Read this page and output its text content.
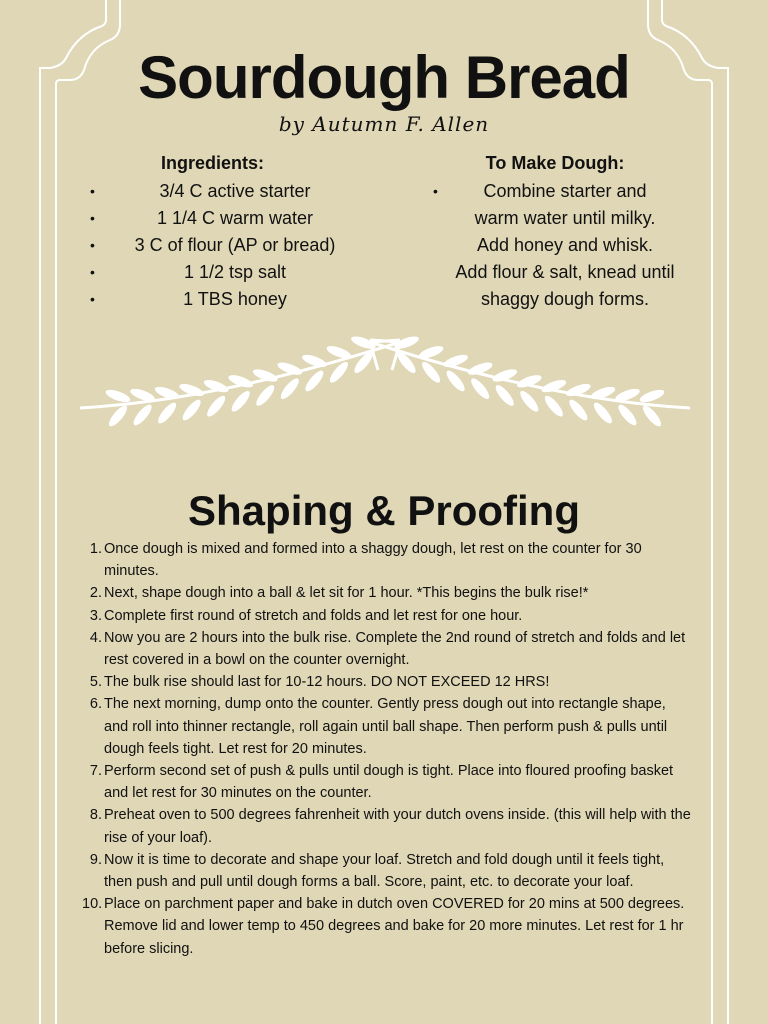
Sourdough Bread
by Autumn F. Allen
Ingredients:
• 3/4 C active starter
• 1 1/4 C warm water
• 3 C of flour (AP or bread)
• 1 1/2 tsp salt
• 1 TBS honey
To Make Dough:
• Combine starter and
warm water until milky.
Add honey and whisk.
Add flour & salt, knead until
shaggy dough forms.
Shaping & Proofing
1. Once dough is mixed and formed into a shaggy dough, let rest on the counter for 30 minutes.
2. Next, shape dough into a ball & let sit for 1 hour. *This begins the bulk rise!*
3. Complete first round of stretch and folds and let rest for one hour.
4. Now you are 2 hours into the bulk rise. Complete the 2nd round of stretch and folds and let rest covered in a bowl on the counter overnight.
5. The bulk rise should last for 10-12 hours. DO NOT EXCEED 12 HRS!
6. The next morning, dump onto the counter. Gently press dough out into rectangle shape, and roll into thinner rectangle, roll again until ball shape. Then perform push & pulls until dough feels tight. Let rest for 20 minutes.
7. Perform second set of push & pulls until dough is tight. Place into floured proofing basket and let rest for 30 minutes on the counter.
8. Preheat oven to 500 degrees fahrenheit with your dutch ovens inside. (this will help with the rise of your loaf).
9. Now it is time to decorate and shape your loaf. Stretch and fold dough until it feels tight, then push and pull until dough forms a ball. Score, paint, etc. to decorate your loaf.
10. Place on parchment paper and bake in dutch oven COVERED for 20 mins at 500 degrees. Remove lid and lower temp to 450 degrees and bake for 20 more minutes. Let rest for 1 hr before slicing.
